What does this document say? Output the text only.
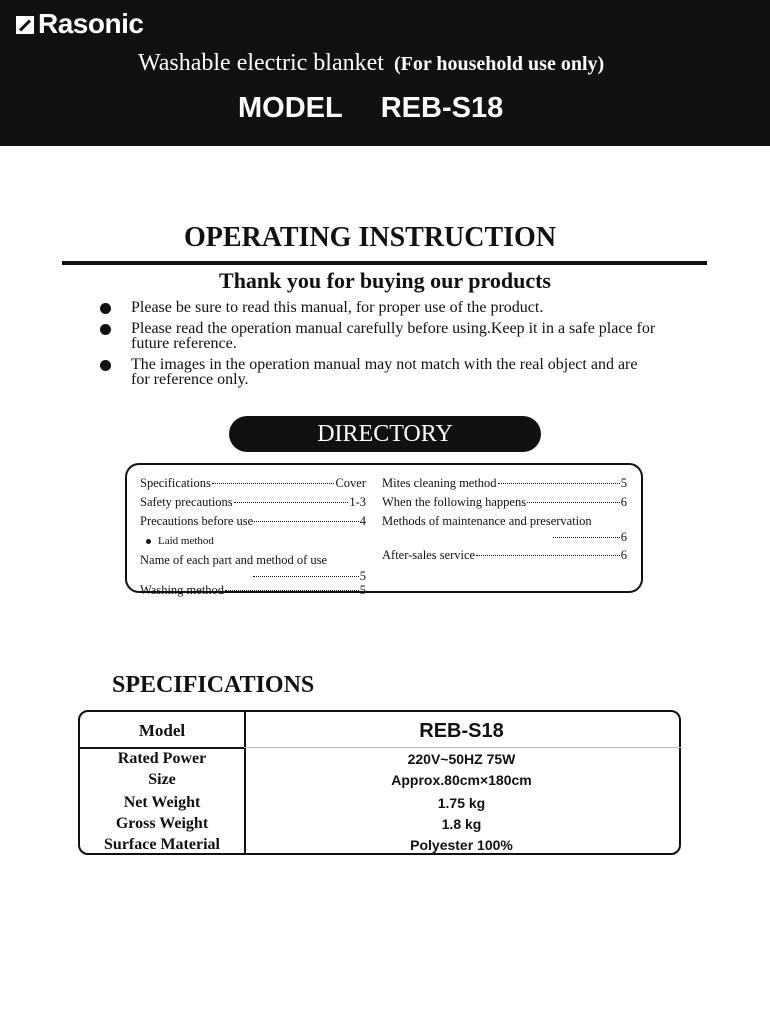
Rasonic
Washable electric blanket (For household use only)
MODEL REB-S18
OPERATING INSTRUCTION
Thank you for buying our products
Please be sure to read this manual, for proper use of the product.
Please read the operation manual carefully before using.Keep it in a safe place for future reference.
The images in the operation manual may not match with the real object and are for reference only.
DIRECTORY
Specifications	Cover
Safety precautions	1-3
Precautions before use	4
Laid method
Name of each part and method of use
5
Washing method	5
Mites cleaning method	5
When the following happens	6
Methods of maintenance and preservation
6
After-sales service	6
SPECIFICATIONS
Model	REB-S18
Rated Power	220V~50HZ 75W
Size	Approx.80cm×180cm
Net Weight	1.75 kg
Gross Weight	1.8 kg
Surface Material	Polyester 100%
